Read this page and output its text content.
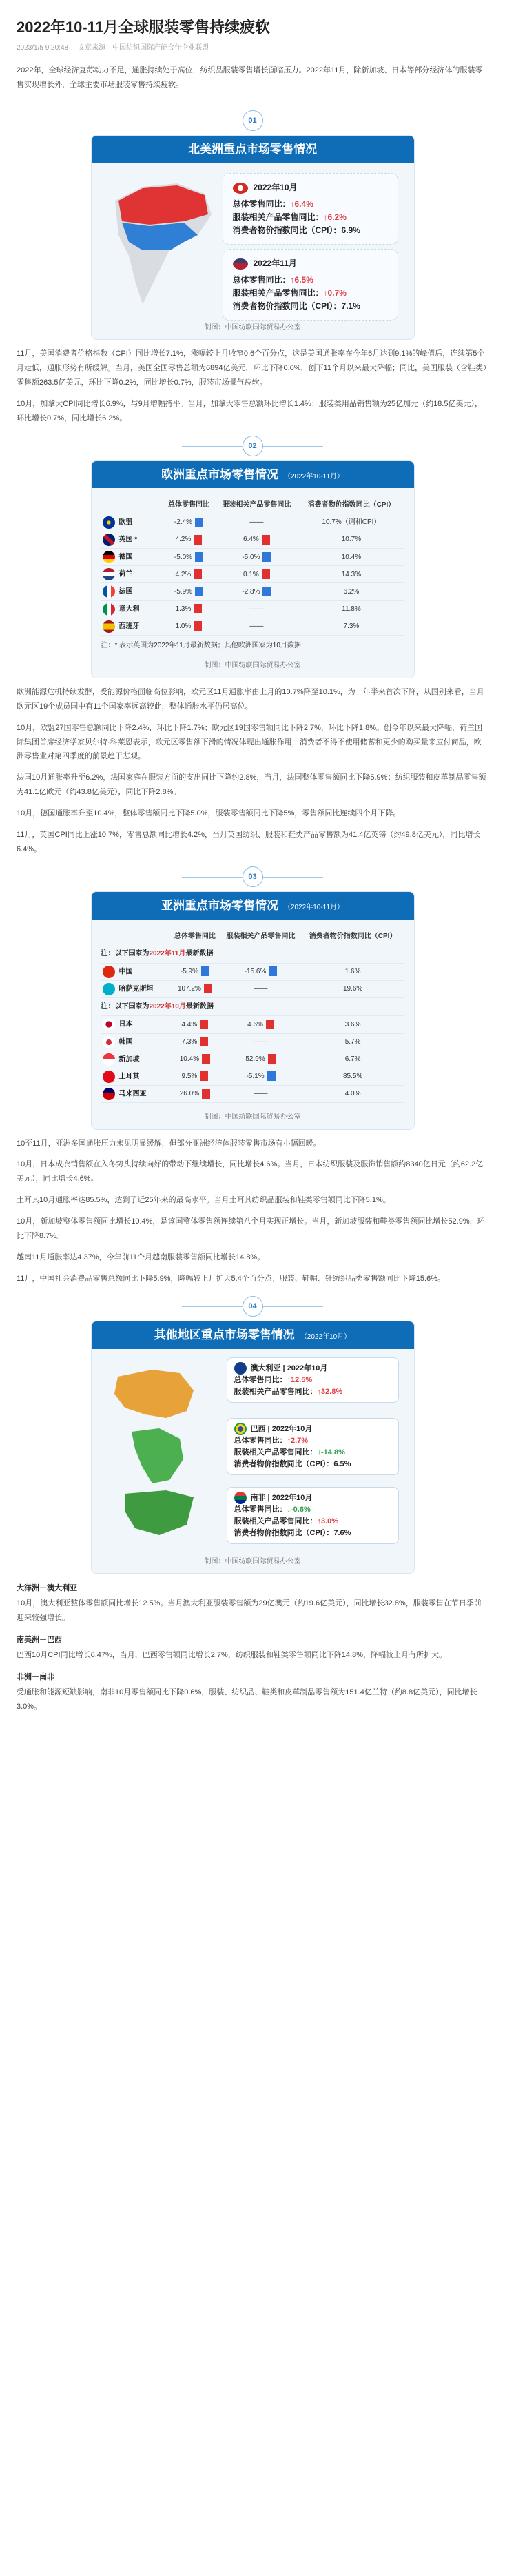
2022年10-11月全球服装零售持续疲软
2023/1/5 9:20:48 文章来源：中国纺织国际产能合作企业联盟
2022年，全球经济复苏动力不足，通胀持续处于高位，纺织品服装零售增长面临压力。2022年11月，除新加坡、日本等部分经济体的服装零售实现增长外，全球主要市场服装零售持续疲软。
01
北美洲重点市场零售情况
2022年10月
总体零售同比：↑6.4%
服装相关产品零售同比：↑6.2%
消费者物价指数同比（CPI）：6.9%
2022年11月
总体零售同比：↑6.5%
服装相关产品零售同比：↑0.7%
消费者物价指数同比（CPI）：7.1%
制图：中国纺联国际贸易办公室

11月，美国消费者价格指数（CPI）同比增长7.1%，涨幅较上月收窄0.6个百分点，这是美国通胀率在今年6月达到9.1%的峰值后，连续第5个月走低，通胀形势有所缓解。当月，美国全国零售总额为6894亿美元，环比下降0.6%，创下11个月以来最大降幅；同比，美国服装（含鞋类）零售额263.5亿美元，环比下降0.2%，同比增长0.7%，服装市场景气疲软。

10月，加拿大CPI同比增长6.9%，与9月增幅持平。当月，加拿大零售总额环比增长1.4%；服装类用品销售额为25亿加元（约18.5亿美元），环比增长0.7%，同比增长6.2%。

02
欧洲重点市场零售情况 （2022年10-11月）
	总体零售同比	服装相关产品零售同比	消费者物价指数同比（CPI）
欧盟	-2.4%	——	10.7%（调和CPI）
英国 *	4.2%	6.4%	10.7%
德国	-5.0%	-5.0%	10.4%
荷兰	4.2%	0.1%	14.3%
法国	-5.9%	-2.8%	6.2%
意大利	1.3%	——	11.8%
西班牙	1.0%	——	7.3%
注：* 表示英国为2022年11月最新数据；其他欧洲国家为10月数据
制图：中国纺联国际贸易办公室

欧洲能源危机持续发酵，受能源价格面临高位影响，欧元区11月通胀率由上月的10.7%降至10.1%，为一年半来首次下降，从国别来看，当月欧元区19个成员国中有11个国家率远高较此，整体通胀水平仍居高位。

10月，欧盟27国零售总额同比下降2.4%，环比下降1.7%；欧元区19国零售额同比下降2.7%，环比下降1.8%。创今年以来最大降幅，荷兰国际集团首席经济学家贝尔特·科莱恩表示，欧元区零售额下滑的情况体现出通胀作用，消费者不得不使用储蓄和更少的购买量来应付商品，欧洲零售业对第四季度的前景趋于悲观。

法国10月通胀率升至6.2%，法国家庭在服装方面的支出同比下降约2.8%，当月，法国整体零售额同比下降5.9%；纺织服装和皮革制品零售额为41.1亿欧元（约43.8亿美元），同比下降2.8%。

10月，德国通胀率升至10.4%，整体零售额同比下降5.0%，服装零售额同比下降5%，零售额同比连续四个月下降。

11月，英国CPI同比上涨10.7%，零售总额同比增长4.2%，当月英国纺织、服装和鞋类产品零售额为41.4亿英镑（约49.8亿美元），同比增长6.4%。

03
亚洲重点市场零售情况 （2022年10-11月）
	总体零售同比	服装相关产品零售同比	消费者物价指数同比（CPI）
注：以下国家为2022年11月最新数据			
中国	-5.9%	-15.6%	1.6%
哈萨克斯坦	107.2%	——	19.6%
注：以下国家为2022年10月最新数据			
日本	4.4%	4.6%	3.6%
韩国	7.3%	——	5.7%
新加坡	10.4%	52.9%	6.7%
土耳其	9.5%	-5.1%	85.5%
马来西亚	26.0%	——	4.0%
制图：中国纺联国际贸易办公室

10至11月，亚洲多国通胀压力未见明显缓解，但部分亚洲经济体服装零售市场有小幅回暖。

10月，日本成衣销售额在入冬势头持续向好的带动下继续增长，同比增长4.6%。当月，日本纺织服装及服饰销售额约8340亿日元（约62.2亿美元），同比增长4.6%。

土耳其10月通胀率达85.5%，达到了近25年来的最高水平。当月土耳其纺织品服装和鞋类零售额同比下降5.1%。

10月，新加坡整体零售额同比增长10.4%，是该国整体零售额连续第八个月实现正增长。当月，新加坡服装和鞋类零售额同比增长52.9%，环比下降8.7%。

越南11月通胀率达4.37%，今年前11个月越南服装零售额同比增长14.8%。

11月，中国社会消费品零售总额同比下降5.9%，降幅较上月扩大5.4个百分点；服装、鞋帽、针纺织品类零售额同比下降15.6%。

04
其他地区重点市场零售情况 （2022年10月）
澳大利亚 | 2022年10月
总体零售同比：↑12.5%
服装相关产品零售同比：↑32.8%
巴西 | 2022年10月
总体零售同比：↑2.7%
服装相关产品零售同比：↓-14.8%
消费者物价指数同比（CPI）：6.5%
南非 | 2022年10月
总体零售同比：↓-0.6%
服装相关产品零售同比：↑3.0%
消费者物价指数同比（CPI）：7.6%
制图：中国纺联国际贸易办公室
大洋洲－澳大利亚

10月，澳大利亚整体零售额同比增长12.5%。当月澳大利亚服装零售额为29亿澳元（约19.6亿美元），同比增长32.8%，服装零售在节日季前迎来较强增长。

南美洲－巴西

巴西10月CPI同比增长6.47%，当月，巴西零售额同比增长2.7%，纺织服装和鞋类零售额同比下降14.8%，降幅较上月有所扩大。

非洲－南非

受通胀和能源短缺影响，南非10月零售额同比下降0.6%，服装、纺织品、鞋类和皮革制品零售额为151.4亿兰特（约8.8亿美元），同比增长3.0%。
